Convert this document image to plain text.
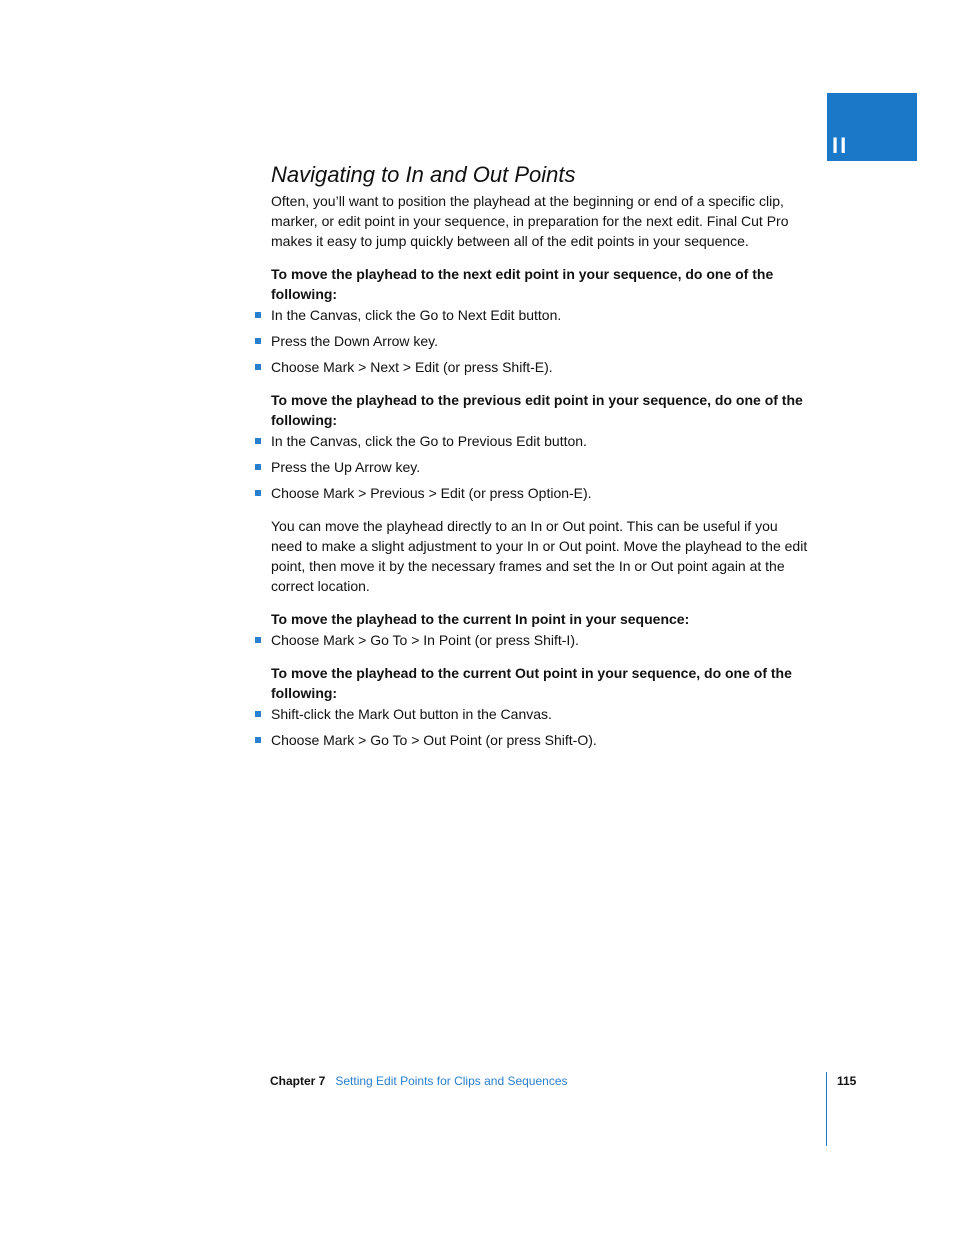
II
Navigating to In and Out Points

Often, you’ll want to position the playhead at the beginning or end of a specific clip, marker, or edit point in your sequence, in preparation for the next edit. Final Cut Pro makes it easy to jump quickly between all of the edit points in your sequence.

To move the playhead to the next edit point in your sequence, do one of the following:

In the Canvas, click the Go to Next Edit button.
Press the Down Arrow key.
Choose Mark > Next > Edit (or press Shift-E).

To move the playhead to the previous edit point in your sequence, do one of the following:

In the Canvas, click the Go to Previous Edit button.
Press the Up Arrow key.
Choose Mark > Previous > Edit (or press Option-E).

You can move the playhead directly to an In or Out point. This can be useful if you need to make a slight adjustment to your In or Out point. Move the playhead to the edit point, then move it by the necessary frames and set the In or Out point again at the correct location.

To move the playhead to the current In point in your sequence:

Choose Mark > Go To > In Point (or press Shift-I).

To move the playhead to the current Out point in your sequence, do one of the following:

Shift-click the Mark Out button in the Canvas.
Choose Mark > Go To > Out Point (or press Shift-O).
Chapter 7 Setting Edit Points for Clips and Sequences	115
